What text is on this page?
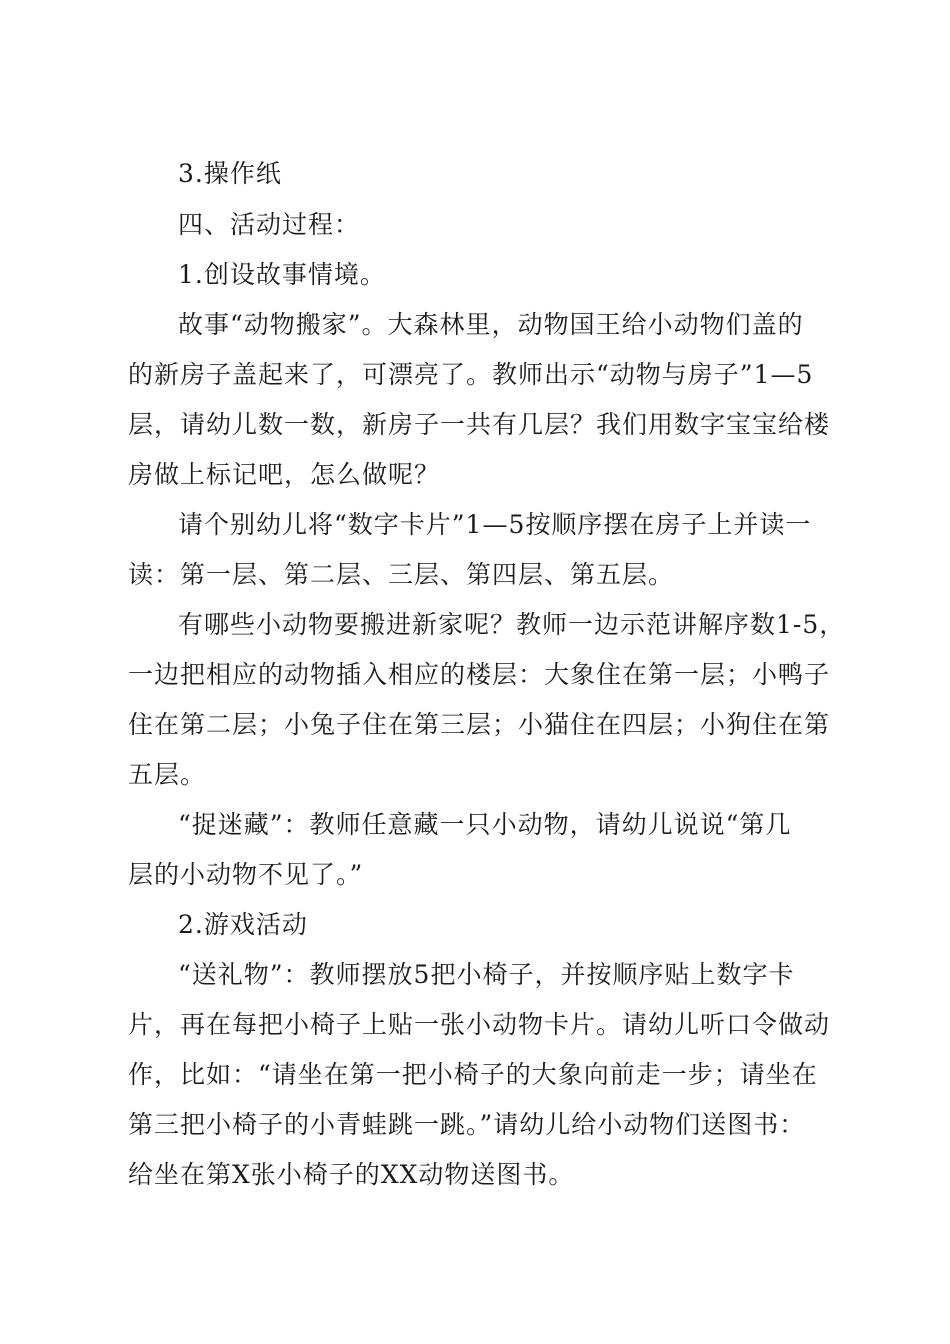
3.操作纸
四、活动过程：
1.创设故事情境。
故事“动物搬家”。大森林里，动物国王给小动物们盖的
的新房子盖起来了，可漂亮了。教师出示“动物与房子”1—5
层，请幼儿数一数，新房子一共有几层？我们用数字宝宝给楼
房做上标记吧，怎么做呢？
请个别幼儿将“数字卡片”1—5按顺序摆在房子上并读一
读：第一层、第二层、三层、第四层、第五层。
有哪些小动物要搬进新家呢？教师一边示范讲解序数1-5，
一边把相应的动物插入相应的楼层：大象住在第一层；小鸭子
住在第二层；小兔子住在第三层；小猫住在四层；小狗住在第
五层。
“捉迷藏”：教师任意藏一只小动物，请幼儿说说“第几
层的小动物不见了。”
2.游戏活动
“送礼物”：教师摆放5把小椅子，并按顺序贴上数字卡
片，再在每把小椅子上贴一张小动物卡片。请幼儿听口令做动
作，比如：“请坐在第一把小椅子的大象向前走一步；请坐在
第三把小椅子的小青蛙跳一跳。”请幼儿给小动物们送图书：
给坐在第X张小椅子的XX动物送图书。
